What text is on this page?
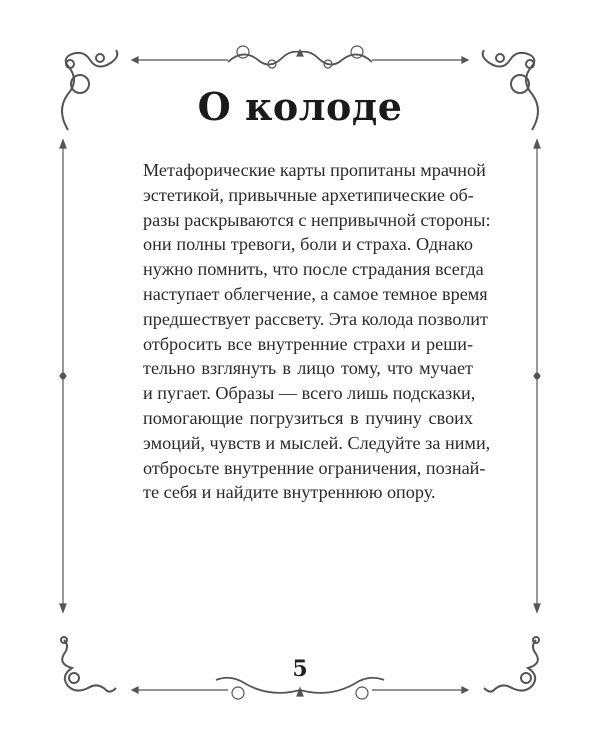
О колоде
Метафорические карты пропитаны мрачной
эстетикой, привычные архетипические об-
разы раскрываются с непривычной стороны:
они полны тревоги, боли и страха. Однако
нужно помнить, что после страдания всегда
наступает облегчение, а самое темное время
предшествует рассвету. Эта колода позволит
отбросить все внутренние страхи и реши-
тельно взглянуть в лицо тому, что мучает
и пугает. Образы — всего лишь подсказки,
помогающие погрузиться в пучину своих
эмоций, чувств и мыслей. Следуйте за ними,
отбросьте внутренние ограничения, познай-
те себя и найдите внутреннюю опору.
5
